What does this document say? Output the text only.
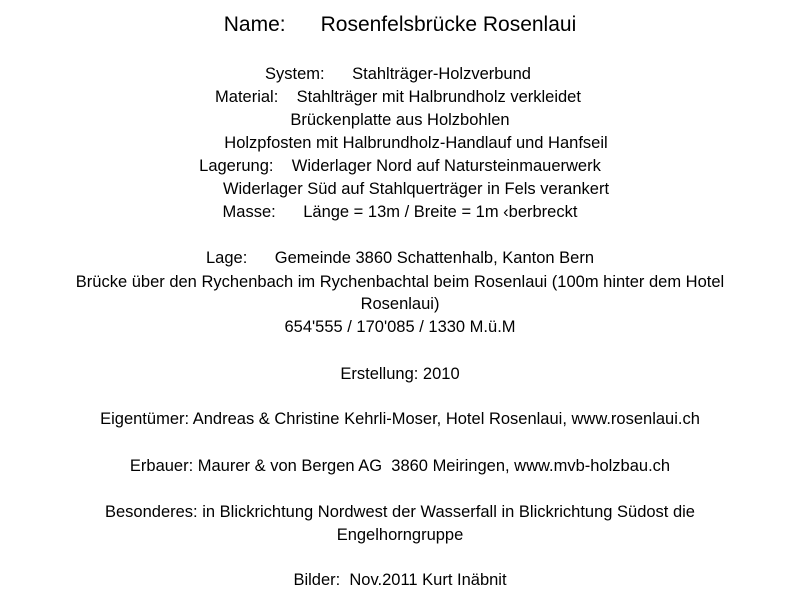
Name:      Rosenfelsbrücke Rosenlaui
System:      Stahlträger-Holzverbund
Material:    Stahlträger mit Halbrundholz verkleidet
Brückenplatte aus Holzbohlen
Holzpfosten mit Halbrundholz-Handlauf und Hanfseil
Lagerung:    Widerlager Nord auf Natursteinmauerwerk
Widerlager Süd auf Stahlquerträger in Fels verankert
Masse:      Länge = 13m / Breite = 1m ‹berbreckt
Lage:      Gemeinde 3860 Schattenhalb, Kanton Bern
Brücke über den Rychenbach im Rychenbachtal beim Rosenlaui (100m hinter dem Hotel
Rosenlaui)
654'555 / 170'085 / 1330 M.ü.M
Erstellung: 2010
Eigentümer: Andreas & Christine Kehrli-Moser, Hotel Rosenlaui, www.rosenlaui.ch
Erbauer: Maurer & von Bergen AG  3860 Meiringen, www.mvb-holzbau.ch
Besonderes: in Blickrichtung Nordwest der Wasserfall in Blickrichtung Südost die
Engelhorngruppe
Bilder:  Nov.2011 Kurt Inäbnit
